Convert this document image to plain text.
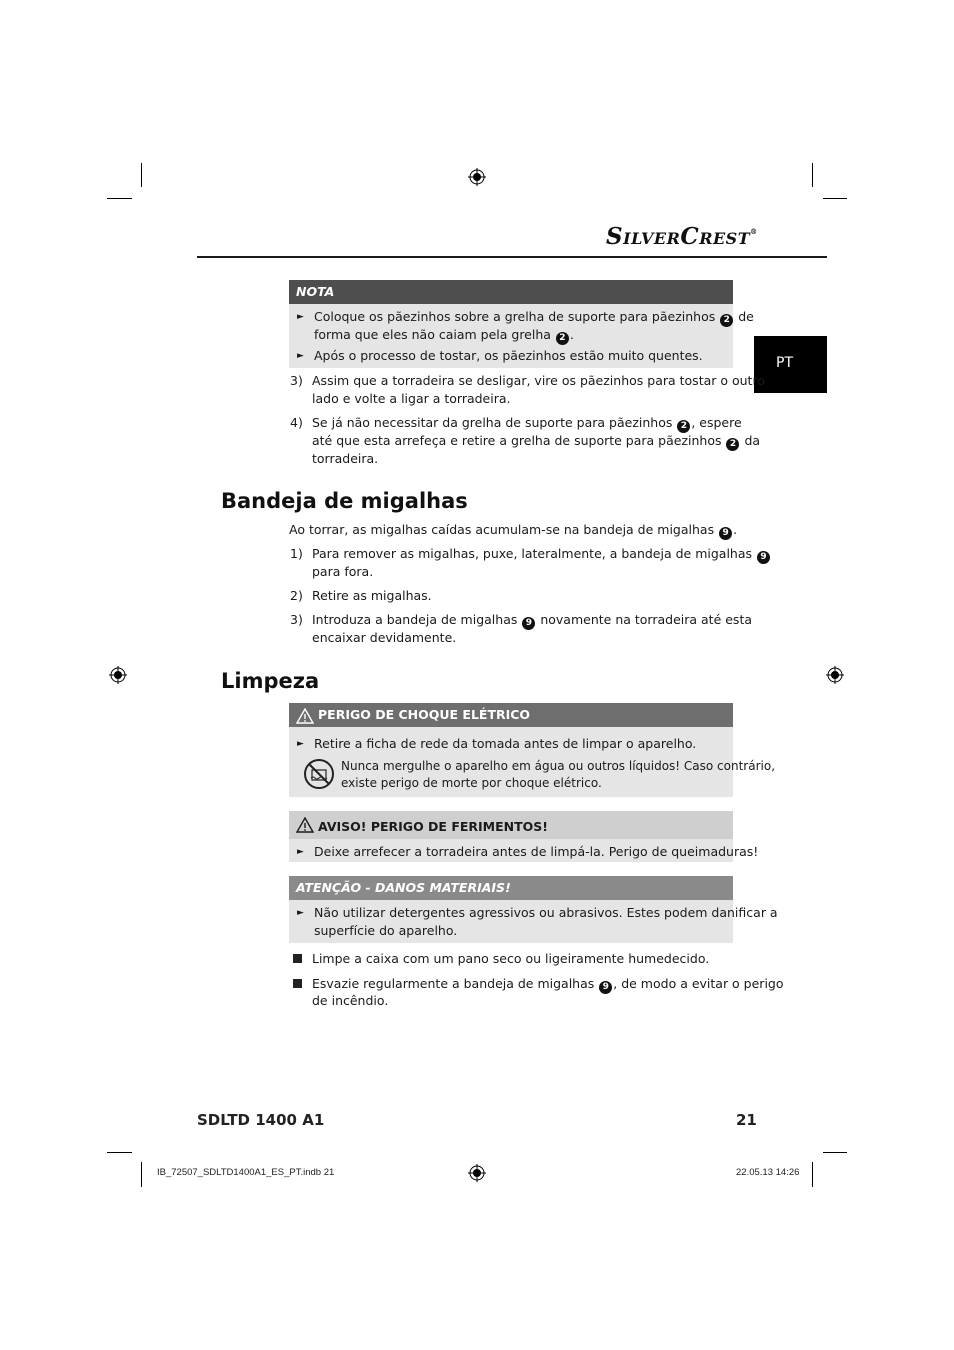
SILVERCREST®
PT
NOTA
► Coloque os pãezinhos sobre a grelha de suporte para pãezinhos 2 de
forma que eles não caiam pela grelha 2 .
► Após o processo de tostar, os pãezinhos estão muito quentes.
3) Assim que a torradeira se desligar, vire os pãezinhos para tostar o outro
lado e volte a ligar a torradeira.
4) Se já não necessitar da grelha de suporte para pãezinhos 2 , espere
até que esta arrefeça e retire a grelha de suporte para pãezinhos 2 da
torradeira.
Bandeja de migalhas
Ao torrar, as migalhas caídas acumulam-se na bandeja de migalhas 9 .
1) Para remover as migalhas, puxe, lateralmente, a bandeja de migalhas 9
para fora.
2) Retire as migalhas.
3) Introduza a bandeja de migalhas 9 novamente na torradeira até esta
encaixar devidamente.
Limpeza
PERIGO DE CHOQUE ELÉTRICO
► Retire a ficha de rede da tomada antes de limpar o aparelho.
Nunca mergulhe o aparelho em água ou outros líquidos! Caso contrário,
existe perigo de morte por choque elétrico.
AVISO! PERIGO DE FERIMENTOS!
► Deixe arrefecer a torradeira antes de limpá-la. Perigo de queimaduras!
ATENÇÃO - DANOS MATERIAIS!
► Não utilizar detergentes agressivos ou abrasivos. Estes podem danificar a
superfície do aparelho.
Limpe a caixa com um pano seco ou ligeiramente humedecido.
Esvazie regularmente a bandeja de migalhas 9 , de modo a evitar o perigo
de incêndio.
SDLTD 1400 A1	21
IB_72507_SDLTD1400A1_ES_PT.indb 21	22.05.13 14:26
